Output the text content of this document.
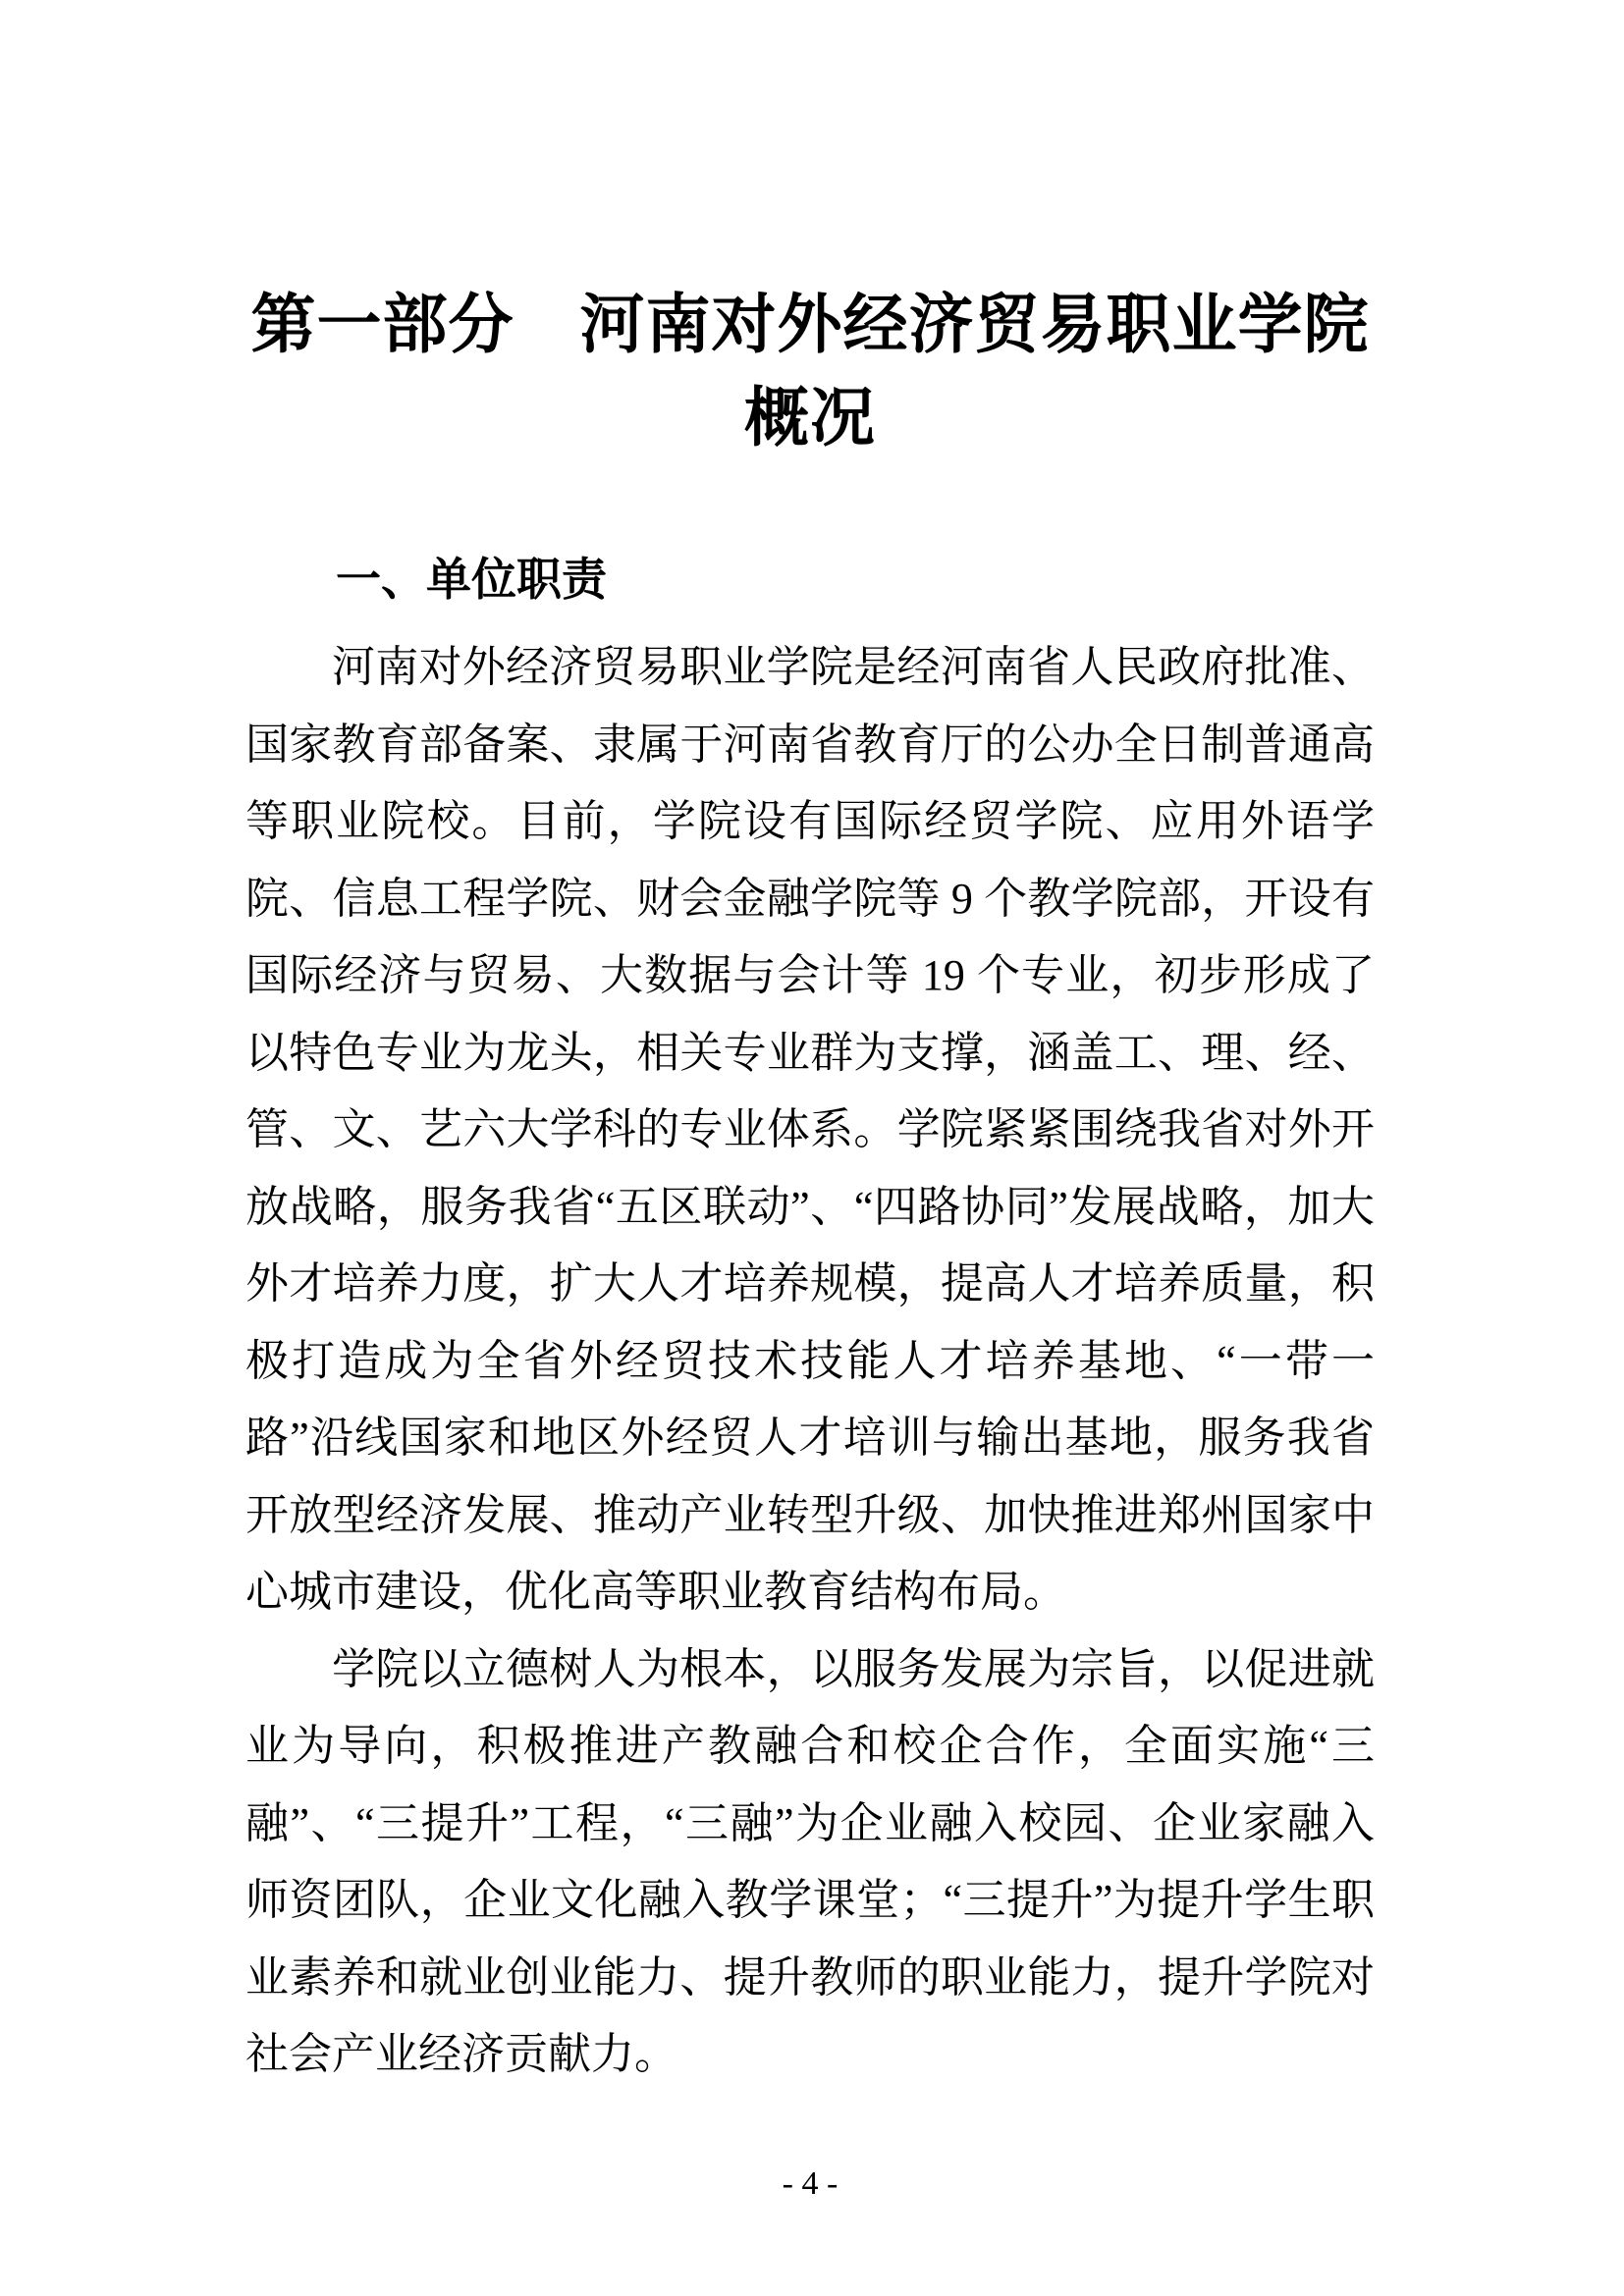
第一部分　河南对外经济贸易职业学院
概况
一、单位职责

河南对外经济贸易职业学院是经河南省人民政府批准、国家教育部备案、隶属于河南省教育厅的公办全日制普通高等职业院校。目前，学院设有国际经贸学院、应用外语学院、信息工程学院、财会金融学院等 9 个教学院部，开设有国际经济与贸易、大数据与会计等 19 个专业，初步形成了以特色专业为龙头，相关专业群为支撑，涵盖工、理、经、管、文、艺六大学科的专业体系。学院紧紧围绕我省对外开放战略，服务我省“五区联动”、“四路协同”发展战略，加大外才培养力度，扩大人才培养规模，提高人才培养质量，积极打造成为全省外经贸技术技能人才培养基地、“一带一路”沿线国家和地区外经贸人才培训与输出基地，服务我省开放型经济发展、推动产业转型升级、加快推进郑州国家中心城市建设，优化高等职业教育结构布局。

学院以立德树人为根本，以服务发展为宗旨，以促进就业为导向，积极推进产教融合和校企合作，全面实施“三融”、“三提升”工程，“三融”为企业融入校园、企业家融入师资团队，企业文化融入教学课堂；“三提升”为提升学生职业素养和就业创业能力、提升教师的职业能力，提升学院对社会产业经济贡献力。

- 4 -
